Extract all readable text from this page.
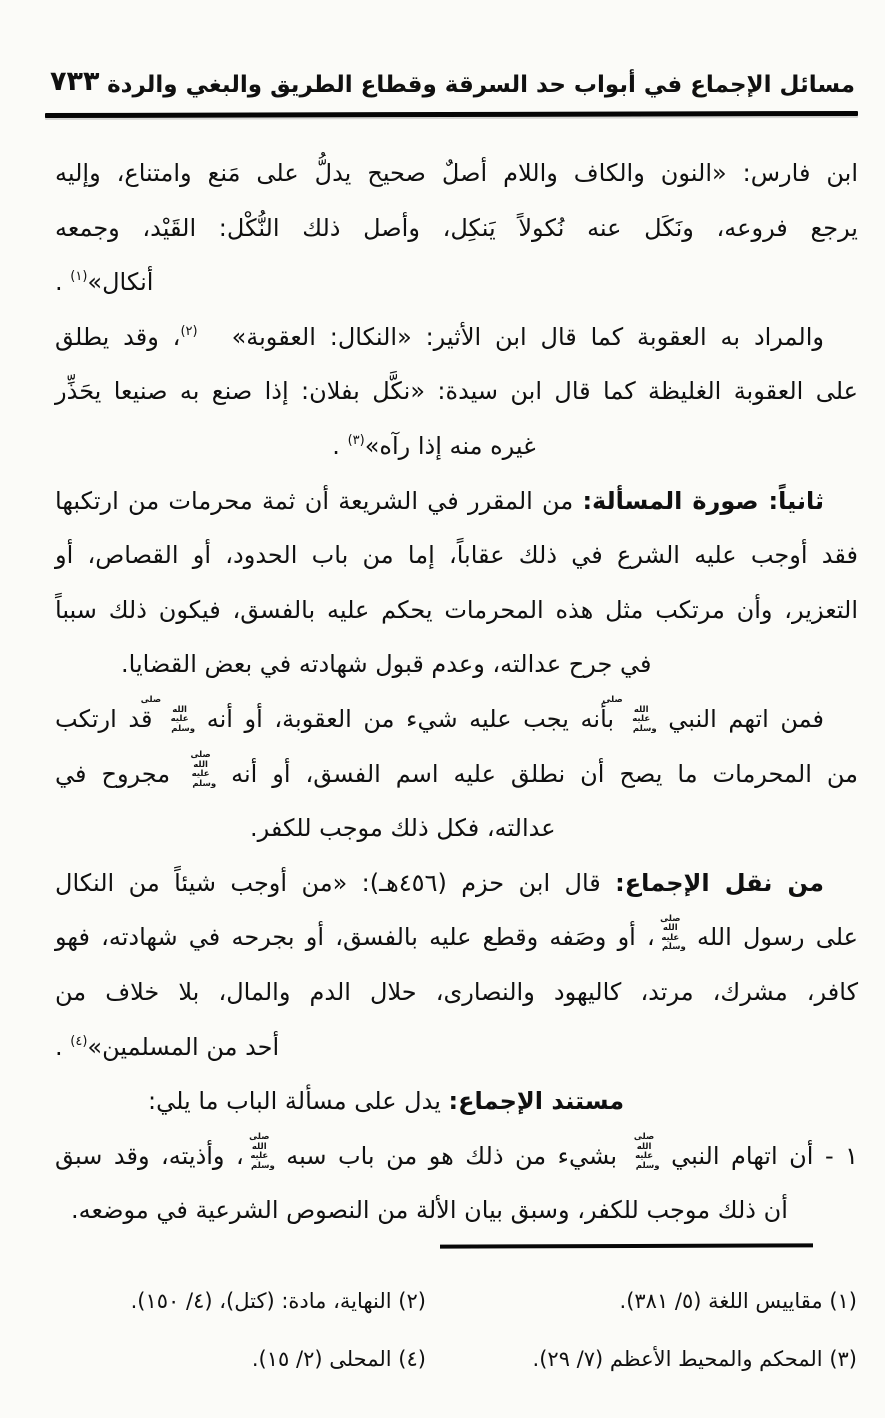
٧٣٣ مسائل الإجماع في أبواب حد السرقة وقطاع الطريق والبغي والردة
ابن فارس: «النون والكاف واللام أصلٌ صحيح يدلُّ على مَنع وامتناع، وإليه
يرجع فروعه، ونَكَل عنه نُكولاً يَنكِل، وأصل ذلك النُّكْل: القَيْد، وجمعه
أنكال»(١) .
والمراد به العقوبة كما قال ابن الأثير: «النكال: العقوبة»(٢)، وقد يطلق
على العقوبة الغليظة كما قال ابن سيدة: «نكَّل بفلان: إذا صنع به صنيعا يحَذِّر
غيره منه إذا رآه»(٣) .
ثانياً: صورة المسألة: من المقرر في الشريعة أن ثمة محرمات من ارتكبها
فقد أوجب عليه الشرع في ذلك عقاباً، إما من باب الحدود، أو القصاص، أو
التعزير، وأن مرتكب مثل هذه المحرمات يحكم عليه بالفسق، فيكون ذلك سبباً
في جرح عدالته، وعدم قبول شهادته في بعض القضايا.
فمن اتهم النبي صلى الله عليه وسلم بأنه يجب عليه شيء من العقوبة، أو أنه صلى الله عليه وسلم قد ارتكب
من المحرمات ما يصح أن نطلق عليه اسم الفسق، أو أنه صلى الله عليه وسلم مجروح في
عدالته، فكل ذلك موجب للكفر.
من نقل الإجماع: قال ابن حزم (٤٥٦هـ): «من أوجب شيئاً من النكال
على رسول الله صلى الله عليه وسلم، أو وصَفه وقطع عليه بالفسق، أو بجرحه في شهادته، فهو
كافر، مشرك، مرتد، كاليهود والنصارى، حلال الدم والمال، بلا خلاف من
أحد من المسلمين»(٤) .
مستند الإجماع: يدل على مسألة الباب ما يلي:
١ - أن اتهام النبي صلى الله عليه وسلم بشيء من ذلك هو من باب سبه صلى الله عليه وسلم، وأذيته، وقد سبق
أن ذلك موجب للكفر، وسبق بيان الألة من النصوص الشرعية في موضعه.
(١) مقاييس اللغة (٥/ ٣٨١).
(٢) النهاية، مادة: (كتل)، (٤/ ١٥٠).
(٣) المحكم والمحيط الأعظم (٧/ ٢٩).
(٤) المحلى (٢/ ١٥).
